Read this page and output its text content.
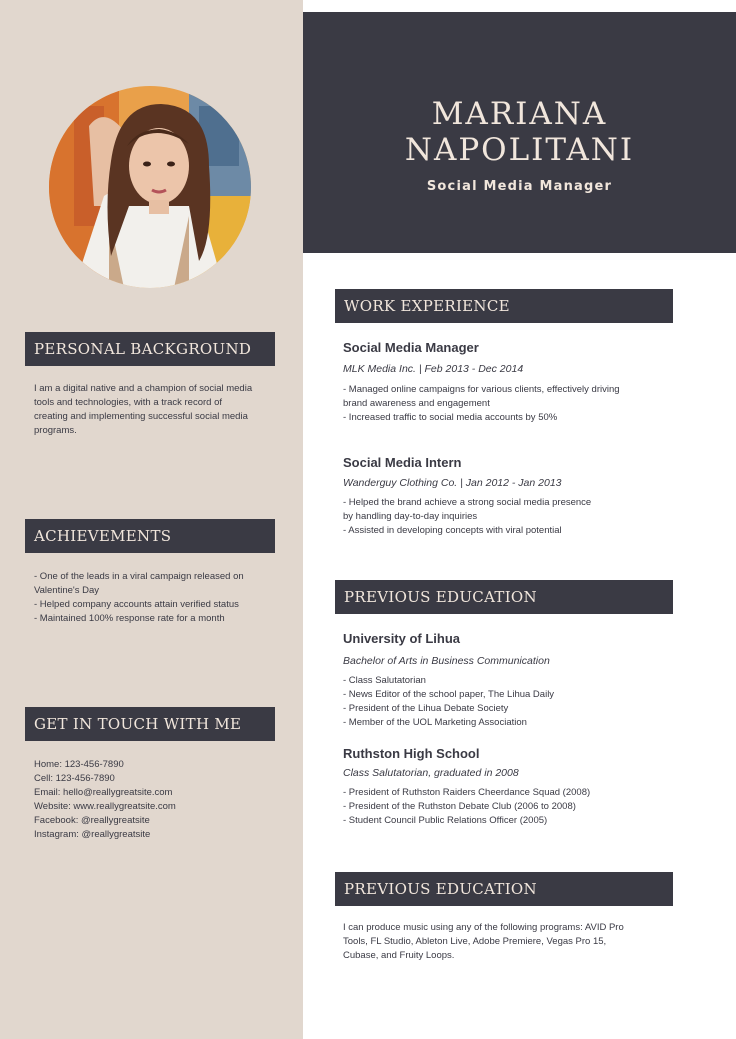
MARIANA
NAPOLITANI
Social Media Manager
PERSONAL BACKGROUND

I am a digital native and a champion of social media
tools and technologies, with a track record of
creating and implementing successful social media
programs.

ACHIEVEMENTS

- One of the leads in a viral campaign released on
Valentine's Day
- Helped company accounts attain verified status
- Maintained 100% response rate for a month

GET IN TOUCH WITH ME

Home: 123-456-7890
Cell: 123-456-7890
Email: hello@reallygreatsite.com
Website: www.reallygreatsite.com
Facebook: @reallygreatsite
Instagram: @reallygreatsite

WORK EXPERIENCE
Social Media Manager
MLK Media Inc. | Feb 2013 - Dec 2014

- Managed online campaigns for various clients, effectively driving
brand awareness and engagement
- Increased traffic to social media accounts by 50%

Social Media Intern
Wanderguy Clothing Co. | Jan 2012 - Jan 2013

- Helped the brand achieve a strong social media presence
by handling day-to-day inquiries
- Assisted in developing concepts with viral potential

PREVIOUS EDUCATION
University of Lihua
Bachelor of Arts in Business Communication

- Class Salutatorian
- News Editor of the school paper, The Lihua Daily
- President of the Lihua Debate Society
- Member of the UOL Marketing Association

Ruthston High School
Class Salutatorian, graduated in 2008

- President of Ruthston Raiders Cheerdance Squad (2008)
- President of the Ruthston Debate Club (2006 to 2008)
- Student Council Public Relations Officer (2005)

PREVIOUS EDUCATION

I can produce music using any of the following programs: AVID Pro
Tools, FL Studio, Ableton Live, Adobe Premiere, Vegas Pro 15,
Cubase, and Fruity Loops.
